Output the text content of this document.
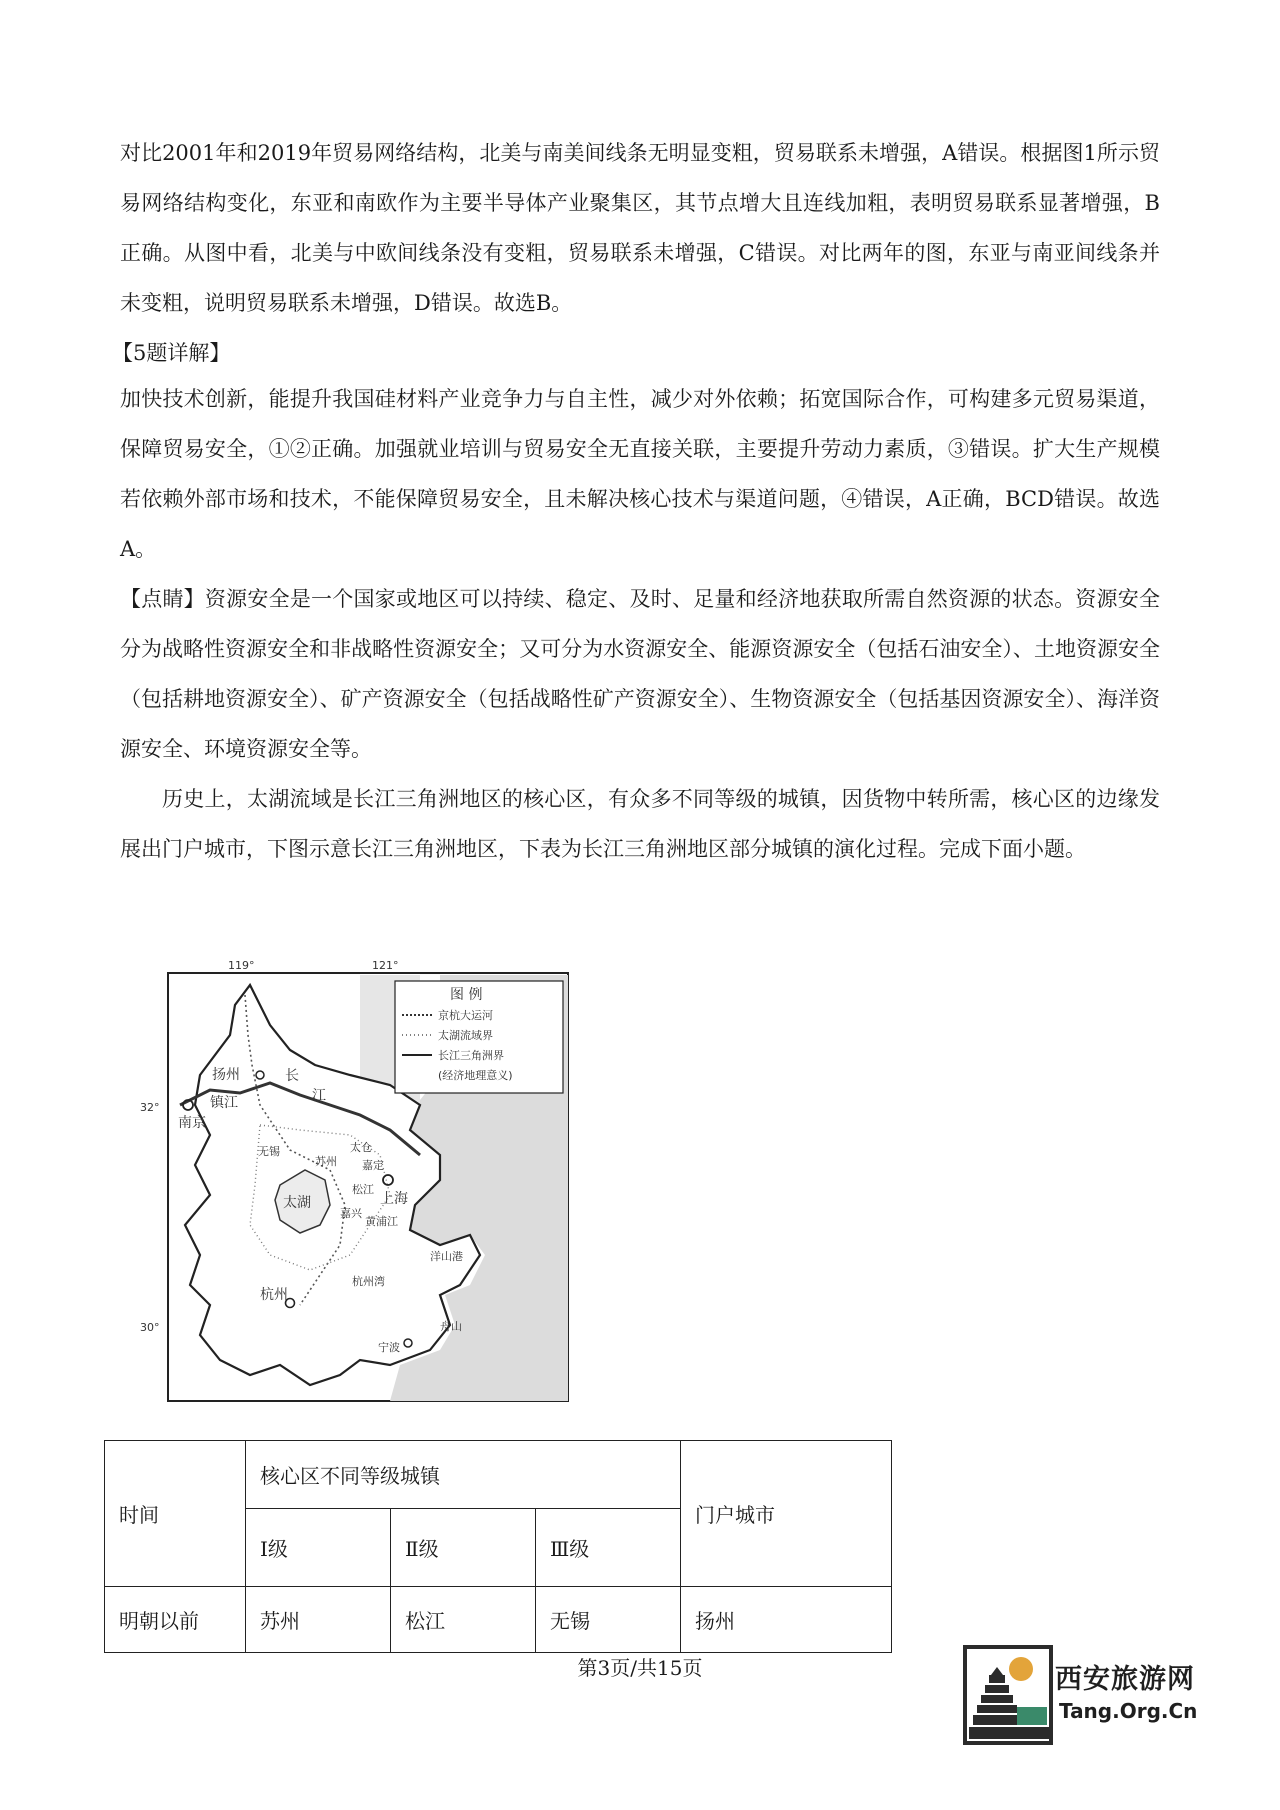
对比2001年和2019年贸易网络结构，北美与南美间线条无明显变粗，贸易联系未增强，A错误。根据图1所示贸易网络结构变化，东亚和南欧作为主要半导体产业聚集区，其节点增大且连线加粗，表明贸易联系显著增强，B正确。从图中看，北美与中欧间线条没有变粗，贸易联系未增强，C错误。对比两年的图，东亚与南亚间线条并未变粗，说明贸易联系未增强，D错误。故选B。

【5题详解】

加快技术创新，能提升我国硅材料产业竞争力与自主性，减少对外依赖；拓宽国际合作，可构建多元贸易渠道，保障贸易安全，①②正确。加强就业培训与贸易安全无直接关联，主要提升劳动力素质，③错误。扩大生产规模若依赖外部市场和技术，不能保障贸易安全，且未解决核心技术与渠道问题，④错误，A正确，BCD错误。故选A。

【点睛】资源安全是一个国家或地区可以持续、稳定、及时、足量和经济地获取所需自然资源的状态。资源安全分为战略性资源安全和非战略性资源安全；又可分为水资源安全、能源资源安全（包括石油安全）、土地资源安全（包括耕地资源安全）、矿产资源安全（包括战略性矿产资源安全）、生物资源安全（包括基因资源安全）、海洋资源安全、环境资源安全等。

历史上，太湖流域是长江三角洲地区的核心区，有众多不同等级的城镇，因货物中转所需，核心区的边缘发展出门户城市，下图示意长江三角洲地区，下表为长江三角洲地区部分城镇的演化过程。完成下面小题。

图 例
京杭大运河
太湖流域界
长江三角洲界
(经济地理意义)
119°	121°
32°
30°
扬州
镇江
南京
长
江
无锡
苏州
太仓
嘉定
松江
上海
太湖
嘉兴
黄浦江
洋山港
杭州湾
杭州
宁波
舟山
时间	核心区不同等级城镇			门户城市
	Ⅰ级	Ⅱ级	Ⅲ级	
明朝以前	苏州	松江	无锡	扬州
第3页/共15页	西安旅游网
Tang.Org.Cn
